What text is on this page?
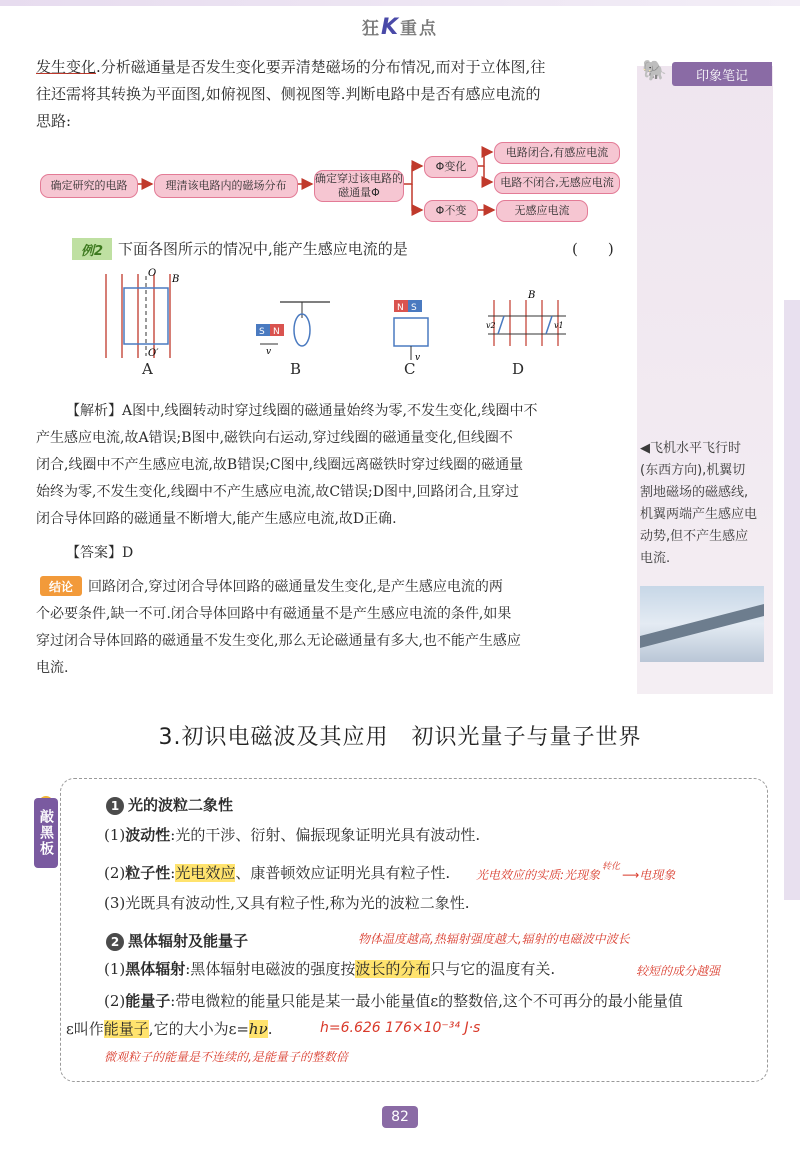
狂K重点
发生变化.分析磁通量是否发生变化要弄清楚磁场的分布情况,而对于立体图,往
往还需将其转换为平面图,如俯视图、侧视图等.判断电路中是否有感应电流的
思路:
确定研究的电路	理清该电路内的磁场分布
确定穿过该电路的磁通量Φ
Φ变化
Φ不变
电路闭合,有感应电流
电路不闭合,无感应电流
无感应电流
例2 下面各图所示的情况中,能产生感应电流的是	(　　)
O
O′
B
S N
v
N S
v
B
v2	v1
A	B	C	D
【解析】A图中,线圈转动时穿过线圈的磁通量始终为零,不发生变化,线圈中不
产生感应电流,故A错误;B图中,磁铁向右运动,穿过线圈的磁通量变化,但线圈不
闭合,线圈中不产生感应电流,故B错误;C图中,线圈远离磁铁时穿过线圈的磁通量
始终为零,不发生变化,线圈中不产生感应电流,故C错误;D图中,回路闭合,且穿过
闭合导体回路的磁通量不断增大,能产生感应电流,故D正确.
【答案】D
结论	回路闭合,穿过闭合导体回路的磁通量发生变化,是产生感应电流的两
个必要条件,缺一不可.闭合导体回路中有磁通量不是产生感应电流的条件,如果
穿过闭合导体回路的磁通量不发生变化,那么无论磁通量有多大,也不能产生感应
电流.
🐘	印象笔记
◀飞机水平飞行时
(东西方向),机翼切
割地磁场的磁感线,
机翼两端产生感应电
动势,但不产生感应
电流.
3.初识电磁波及其应用　初识光量子与量子世界
敲黑板
1 光的波粒二象性
(1)波动性:光的干涉、衍射、偏振现象证明光具有波动性.
(2)粒子性:光电效应、康普顿效应证明光具有粒子性.	光电效应的实质:光现象$^{转化}$⟶电现象
(3)光既具有波动性,又具有粒子性,称为光的波粒二象性.
2 黑体辐射及能量子	物体温度越高,热辐射强度越大,辐射的电磁波中波长
(1)黑体辐射:黑体辐射电磁波的强度按波长的分布只与它的温度有关.	较短的成分越强
(2)能量子:带电微粒的能量只能是某一最小能量值ε的整数倍,这个不可再分的最小能量值
ε叫作能量子,它的大小为ε=hν.	h=6.626 176×10⁻³⁴ J·s
微观粒子的能量是不连续的,是能量子的整数倍
82
